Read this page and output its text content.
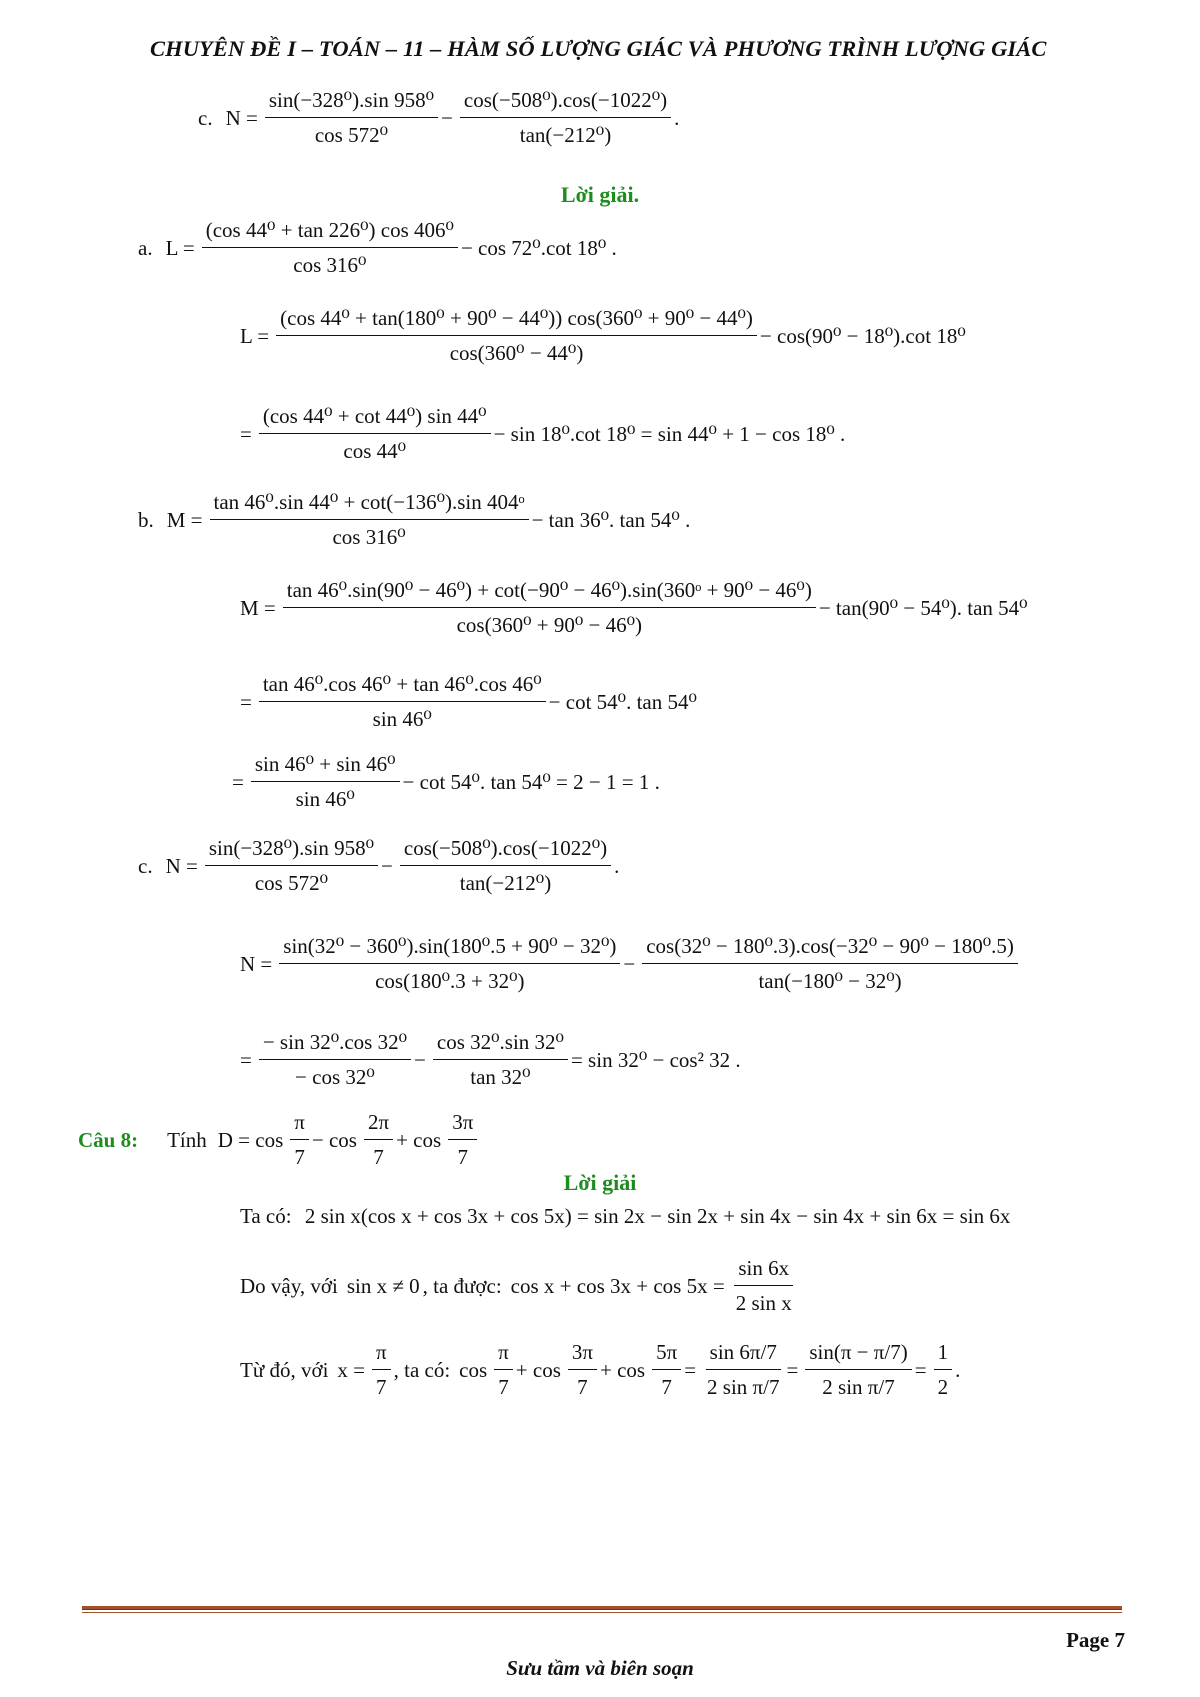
CHUYÊN ĐỀ I – TOÁN – 11 – HÀM SỐ LƯỢNG GIÁC VÀ PHƯƠNG TRÌNH LƯỢNG GIÁC
c. $N = \frac{\text{sin(−328⁰).sin 958⁰}}{\text{cos 572⁰}} - \frac{\text{cos(−508⁰).cos(−1022⁰)}}{\text{tan(−212⁰)}}$ .
Lời giải.
a. $L = \frac{\text{(cos 44⁰ + tan 226⁰) cos 406⁰}}{\text{cos 316⁰}} - \cos 72^0.\cot$ 18⁰ .
$L = \frac{\text{(cos 44⁰ + tan(180⁰ + 90⁰ − 44⁰)) cos(360⁰ + 90⁰ − 44⁰)}}{\text{cos(360⁰ − 44⁰)}} - \cos(90^0 - 18^0).\cot$ 18⁰
= $\frac{\text{(cos 44⁰ + cot 44⁰) sin 44⁰}}{\text{cos 44⁰}} - \sin 18^0.\cot$ 18⁰ = sin 44⁰ + 1 − cos 18⁰ .
b. $M = \frac{\text{tan 46⁰.sin 44⁰ + cot(−136⁰).sin 404ᵒ}}{\text{cos 316⁰}} - \tan 36^0$. tan 54⁰ .
M =
tan 46⁰.sin(90⁰ − 46⁰) + cot(−90⁰ − 46⁰).sin(360ᵒ + 90⁰ − 46⁰)
cos(360⁰ + 90⁰ − 46⁰)
− tan(90⁰ − 54⁰). tan 54⁰
= $\frac{\text{tan 46⁰.cos 46⁰ + tan 46⁰.cos 46⁰}}{\text{sin 46⁰}} - \cot 54^0$. tan 54⁰
= $\frac{\text{sin 46⁰ + sin 46⁰}}{\text{sin 46⁰}} - \cot 54^0$. tan 54⁰ = 2 − 1 = 1 .
c. $N = \frac{\text{sin(−328⁰).sin 958⁰}}{\text{cos 572⁰}} - \frac{\text{cos(−508⁰).cos(−1022⁰)}}{\text{tan(−212⁰)}}$ .
$N = \frac{\text{sin(32⁰ − 360⁰).sin(180⁰.5 + 90⁰ − 32⁰)}}{\text{cos(180⁰.3 + 32⁰)}} - \frac{\text{cos(32⁰ − 180⁰.3).cos(−32⁰ − 90⁰ − 180⁰.5)}}{\text{tan(−180⁰ − 32⁰)}}$
= $\frac{\text{− sin 32⁰.cos 32⁰}}{\text{− cos 32⁰}} - \frac{\text{cos 32⁰.sin 32⁰}}{\text{tan 32⁰}} = \sin 32^0 - \cos^2$ 32 .
Câu 8: Tính $D = \cos \frac{\pi}{7} - \cos \frac{2\pi}{7} + \cos \frac{3\pi}{7}$
Lời giải
Ta có: 2 sin x(cos x + cos 3x + cos 5x) = sin 2x − sin 2x + sin 4x − sin 4x + sin 6x = sin 6x
Do vậy, với sin x ≠ 0 , ta được: $\cos x + \cos 3x + \cos 5x = \frac{\sin 6x}{\text{2 sin x}}$
Từ đó, với $x = \frac{\pi}{7}$ , ta có: $\cos \frac{\pi}{7} + \cos \frac{3\pi}{7} + \cos \frac{5\pi}{7} = \frac{\sin 6\pi/7}{\text{2 sin π/7}} = \frac{\sin(\pi - \pi/7)}{\text{2 sin π/7}} = \frac{1}{2}$ .
Page 7
Sưu tầm và biên soạn
